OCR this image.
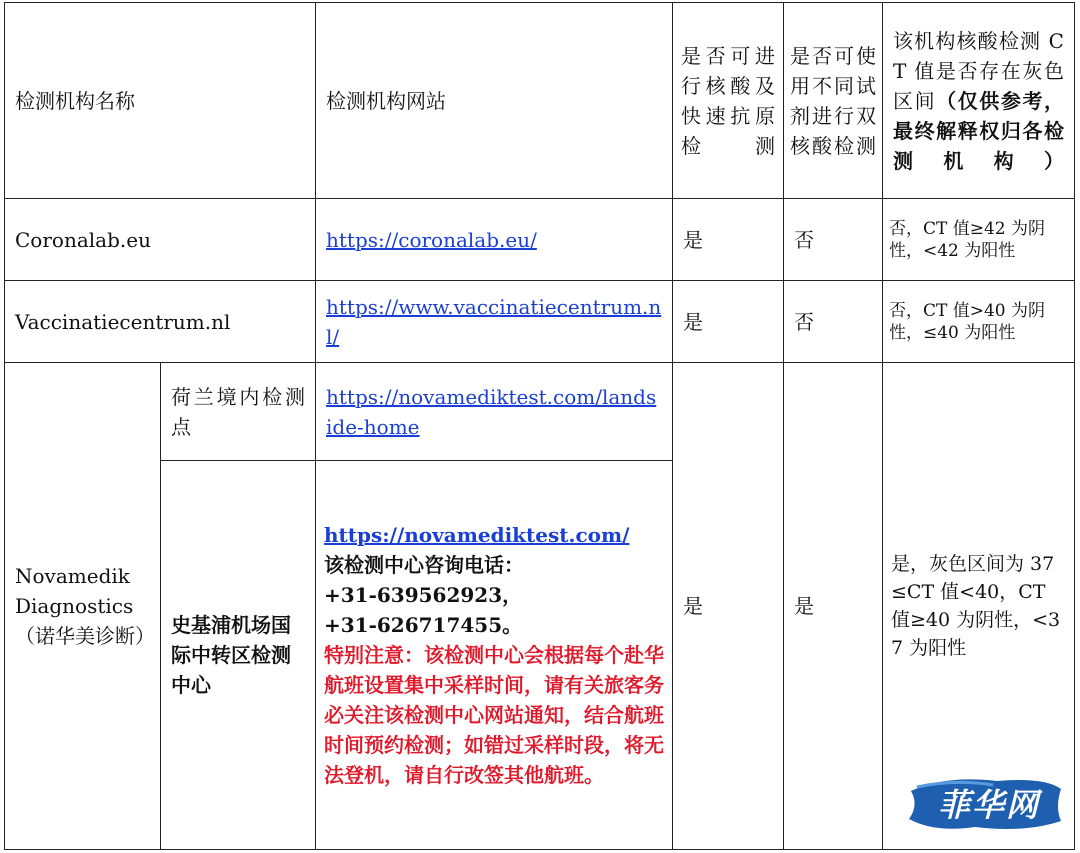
检测机构名称		检测机构网站	是否可进行核酸及快速抗原检测	是否可使用不同试剂进行双核酸检测	该机构核酸检测 CT 值是否存在灰色区间（仅供参考，最终解释权归各检测机构）
Coronalab.eu		https://coronalab.eu/	是	否	否，CT 值≥42 为阴性，<42 为阳性
Vaccinatiecentrum.nl		https://www.vaccinatiecentrum.nl/	是	否	否，CT 值>40 为阴性，≤40 为阳性
Novamedik Diagnostics（诺华美诊断）	荷兰境内检测点	https://novamediktest.com/landside-home	是	是	是，灰色区间为 37≤CT 值<40，CT 值≥40 为阴性，<37 为阳性
	史基浦机场国际中转区检测中心	https://novamediktest.com/
该检测中心咨询电话：
+31-639562923，
+31-626717455。
特别注意：该检测中心会根据每个赴华航班设置集中采样时间，请有关旅客务必关注该检测中心网站通知，结合航班时间预约检测；如错过采样时段，将无法登机，请自行改签其他航班。			
菲华网
